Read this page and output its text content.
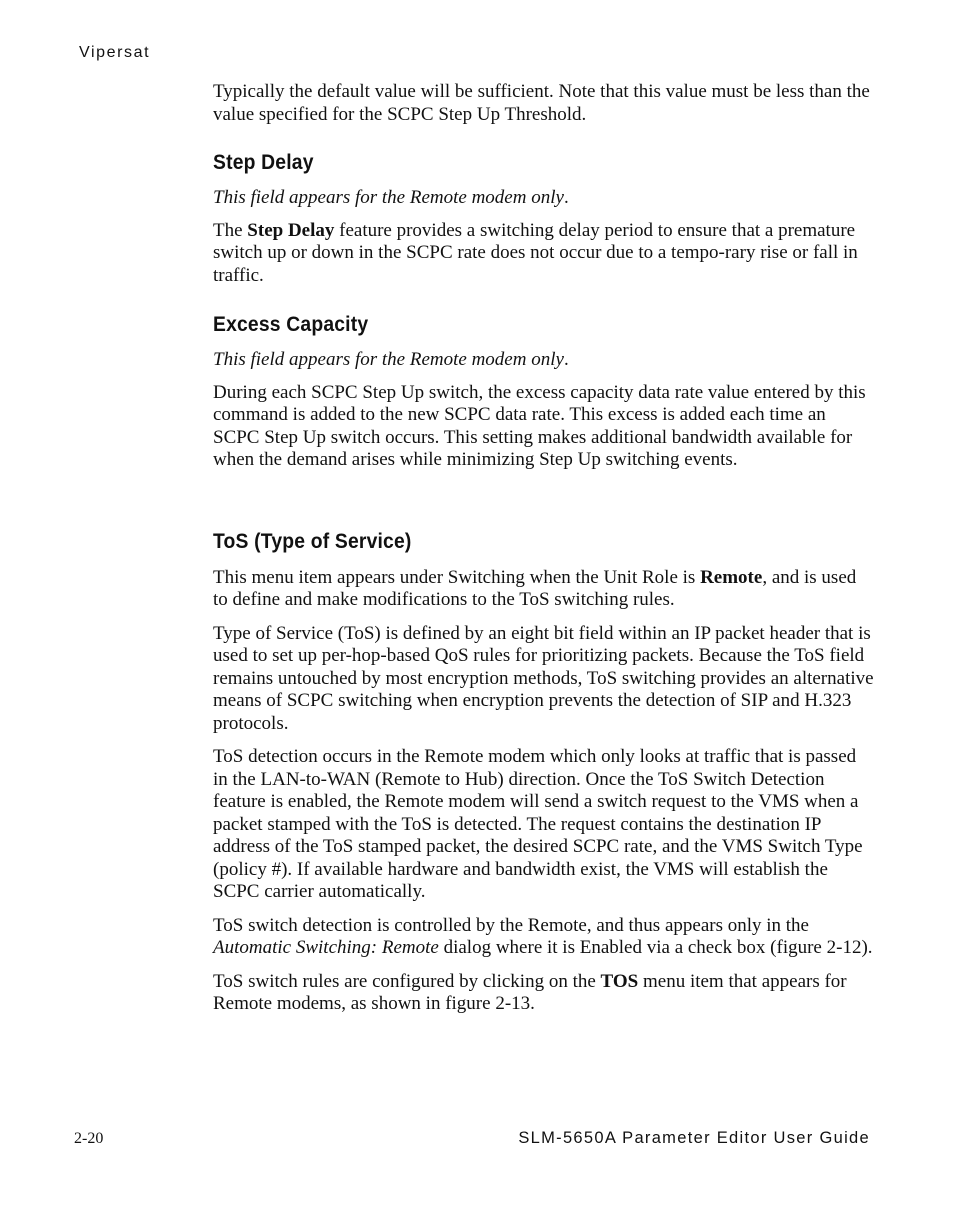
Vipersat

Typically the default value will be sufficient. Note that this value must be less than the value specified for the SCPC Step Up Threshold.

Step Delay

This field appears for the Remote modem only.

The Step Delay feature provides a switching delay period to ensure that a premature switch up or down in the SCPC rate does not occur due to a tempo-rary rise or fall in traffic.

Excess Capacity

This field appears for the Remote modem only.

During each SCPC Step Up switch, the excess capacity data rate value entered by this command is added to the new SCPC data rate. This excess is added each time an SCPC Step Up switch occurs. This setting makes additional bandwidth available for when the demand arises while minimizing Step Up switching events.

ToS (Type of Service)

This menu item appears under Switching when the Unit Role is Remote, and is used to define and make modifications to the ToS switching rules.

Type of Service (ToS) is defined by an eight bit field within an IP packet header that is used to set up per-hop-based QoS rules for prioritizing packets. Because the ToS field remains untouched by most encryption methods, ToS switching provides an alternative means of SCPC switching when encryption prevents the detection of SIP and H.323 protocols.

ToS detection occurs in the Remote modem which only looks at traffic that is passed in the LAN-to-WAN (Remote to Hub) direction. Once the ToS Switch Detection feature is enabled, the Remote modem will send a switch request to the VMS when a packet stamped with the ToS is detected. The request contains the destination IP address of the ToS stamped packet, the desired SCPC rate, and the VMS Switch Type (policy #). If available hardware and bandwidth exist, the VMS will establish the SCPC carrier automatically.

ToS switch detection is controlled by the Remote, and thus appears only in the Automatic Switching: Remote dialog where it is Enabled via a check box (figure 2-12).

ToS switch rules are configured by clicking on the TOS menu item that appears for Remote modems, as shown in figure 2-13.

2-20	SLM-5650A Parameter Editor User Guide
